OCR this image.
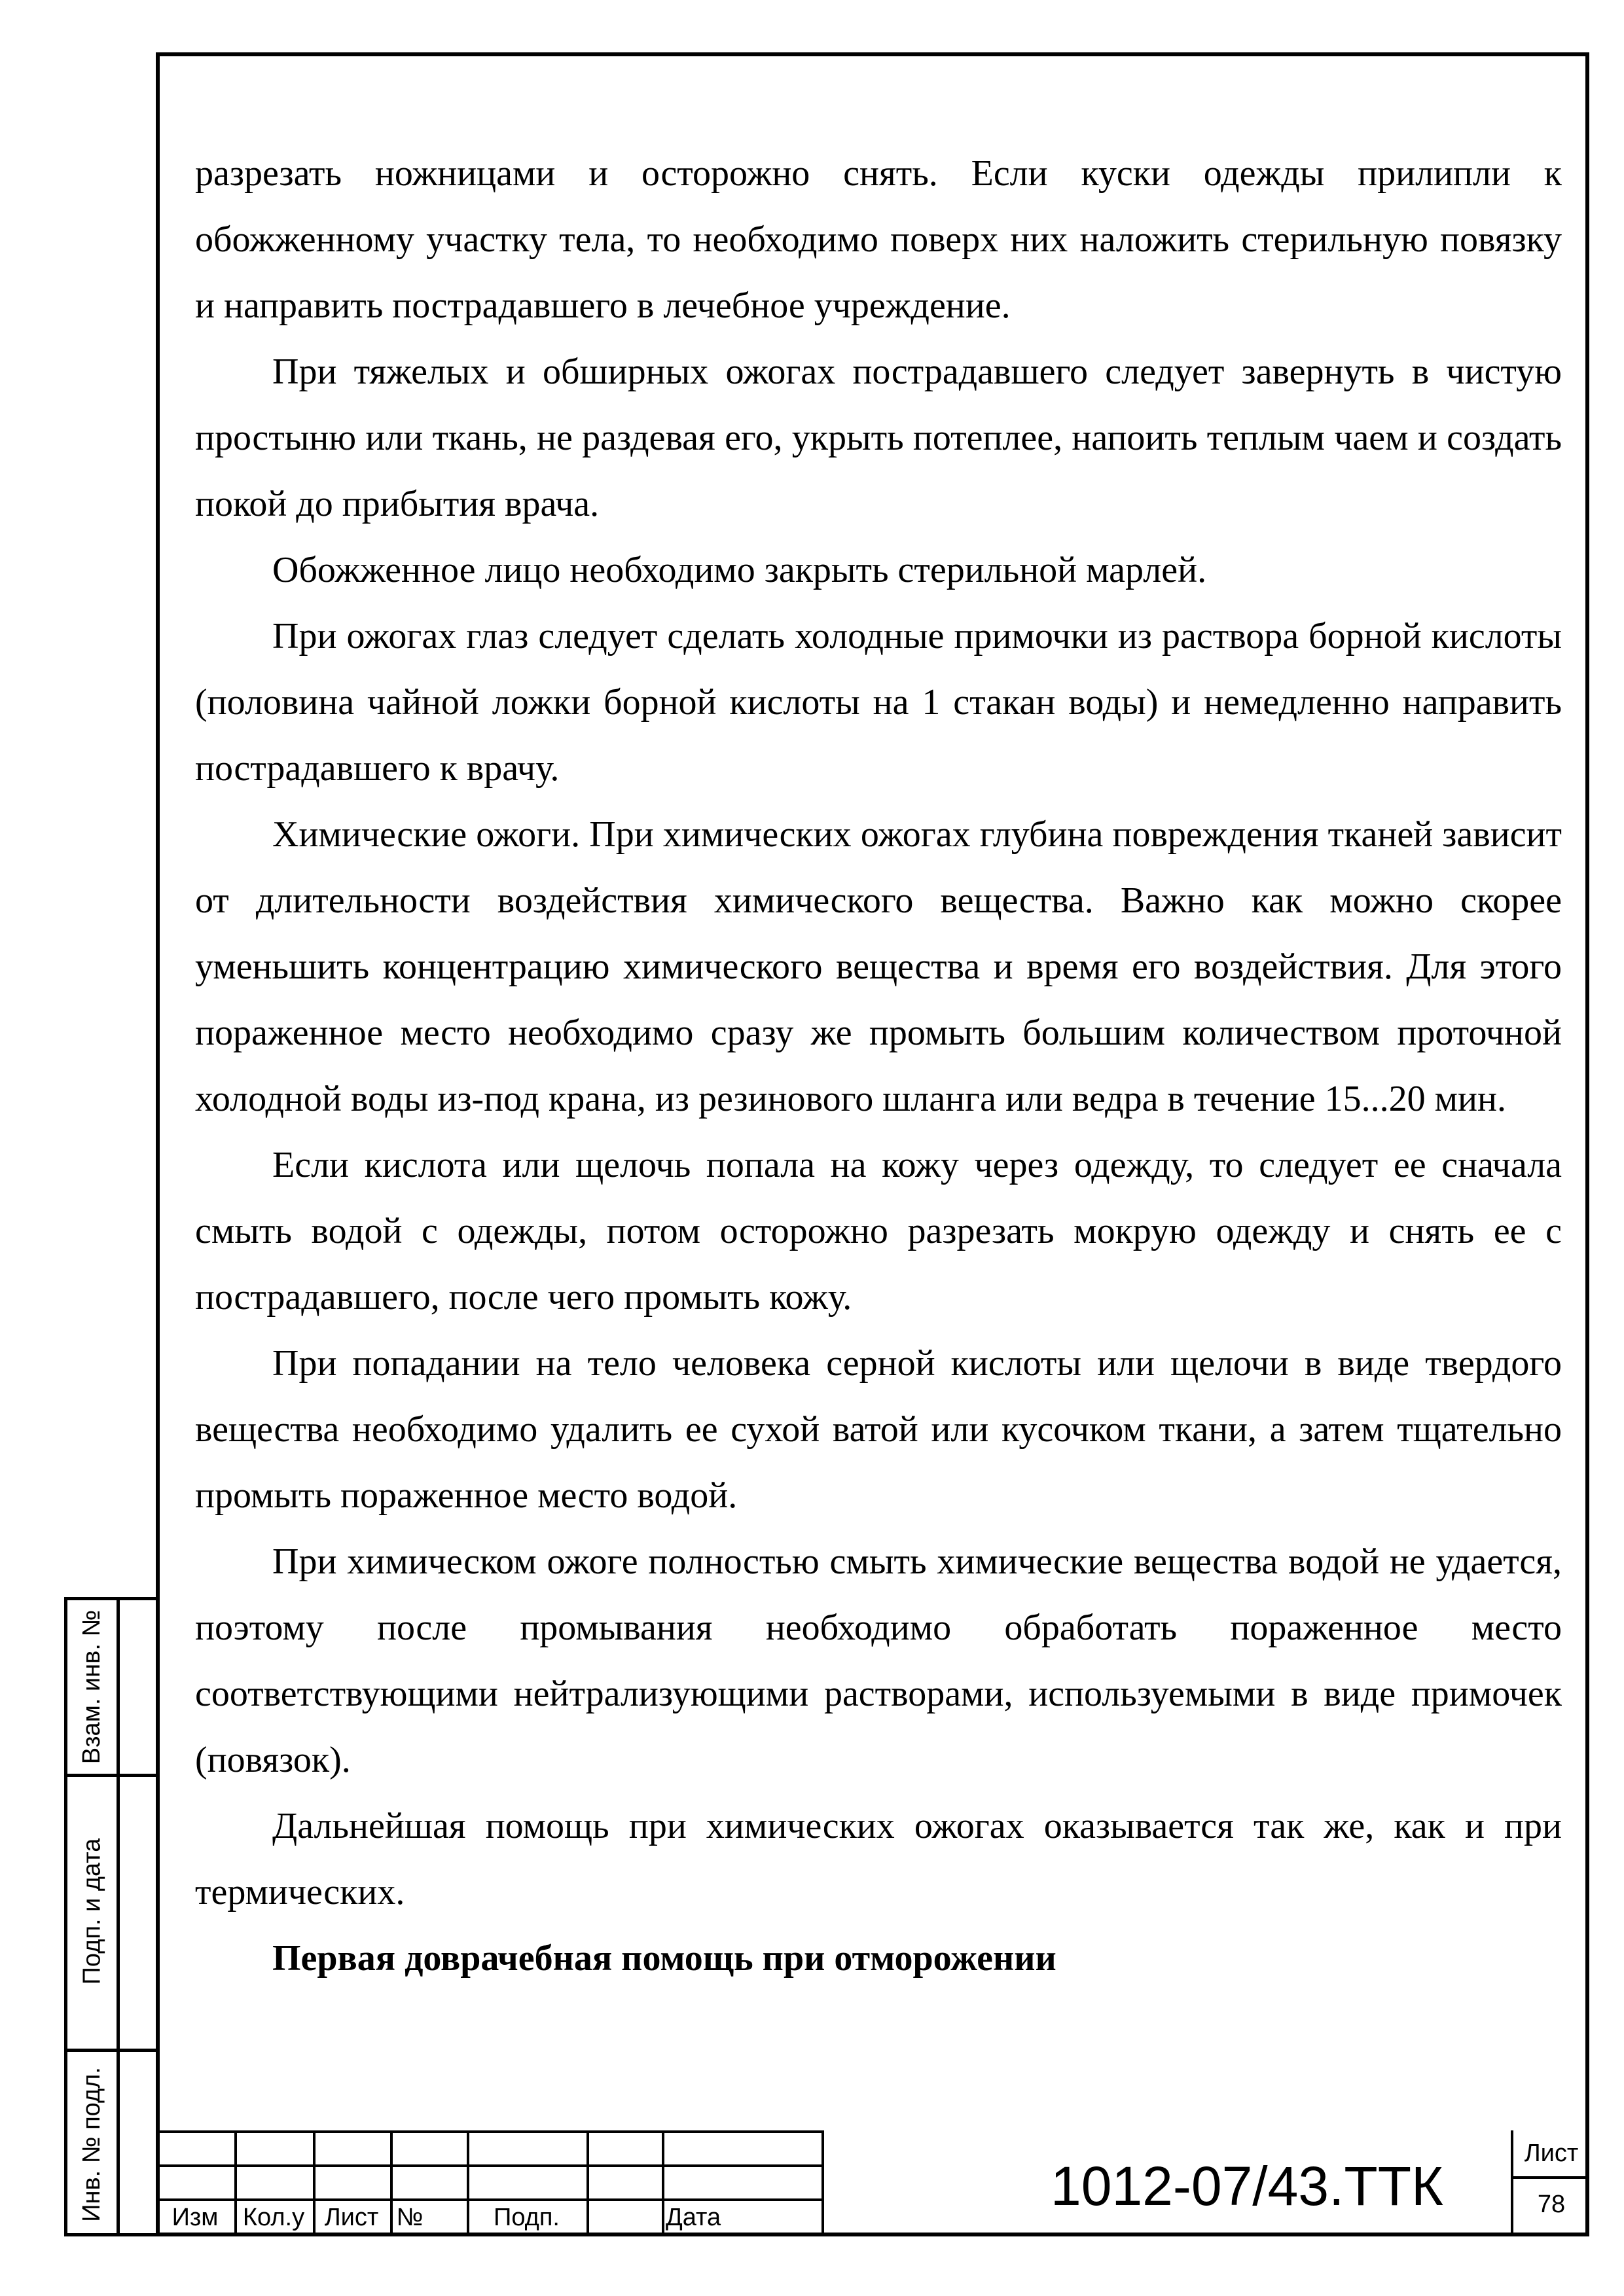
разрезать ножницами и осторожно снять. Если куски одежды прилипли к обожженному участку тела, то необходимо поверх них наложить стерильную повязку и направить пострадавшего в лечебное учреждение.

При тяжелых и обширных ожогах пострадавшего следует завернуть в чистую простыню или ткань, не раздевая его, укрыть потеплее, напоить теплым чаем и создать покой до прибытия врача.

Обожженное лицо необходимо закрыть стерильной марлей.

При ожогах глаз следует сделать холодные примочки из раствора борной кислоты (половина чайной ложки борной кислоты на 1 стакан воды) и немедленно направить пострадавшего к врачу.

Химические ожоги. При химических ожогах глубина повреждения тканей зависит от длительности воздействия химического вещества. Важно как можно скорее уменьшить концентрацию химического вещества и время его воздействия. Для этого пораженное место необходимо сразу же промыть большим количеством проточной холодной воды из-под крана, из резинового шланга или ведра в течение 15...20 мин.

Если кислота или щелочь попала на кожу через одежду, то следует ее сначала смыть водой с одежды, потом осторожно разрезать мокрую одежду и снять ее с пострадавшего, после чего промыть кожу.

При попадании на тело человека серной кислоты или щелочи в виде твердого вещества необходимо удалить ее сухой ватой или кусочком ткани, а затем тщательно промыть пораженное место водой.

При химическом ожоге полностью смыть химические вещества водой не удается, поэтому после промывания необходимо обработать пораженное место соответствующими нейтрализующими растворами, используемыми в виде примочек (повязок).

Дальнейшая помощь при химических ожогах оказывается так же, как и при термических.

Первая доврачебная помощь при отморожении

Взам. инв. №
Подп. и дата
Инв. № подл.	Изм Кол.у Лист №	Подп.	Дата
1012-07/43.ТТК
Лист
78
